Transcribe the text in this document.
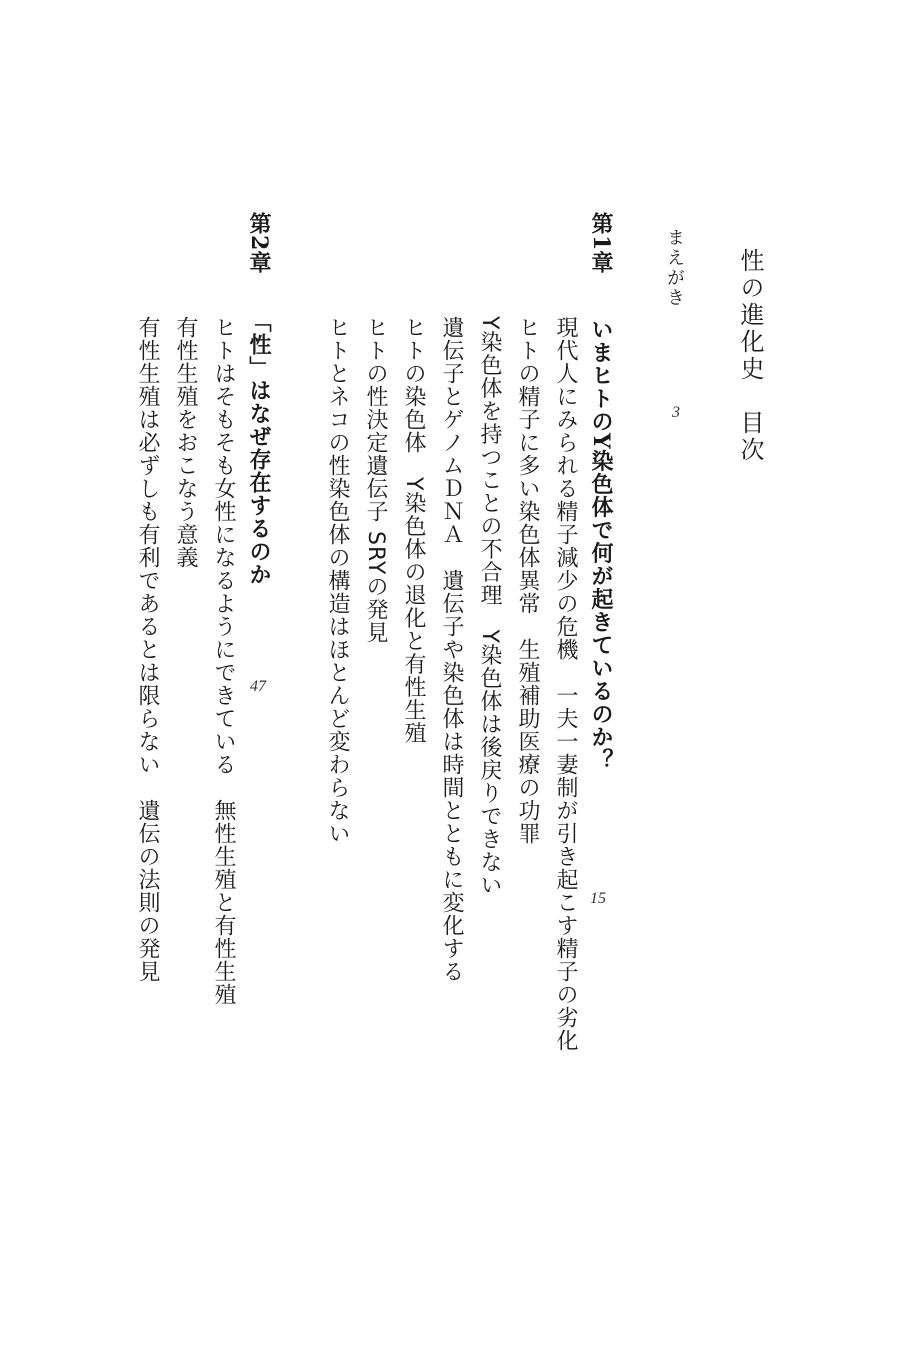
性の進化史　目次
まえがき
3
第1章
いまヒトのY染色体で何が起きているのか？
15
現代人にみられる精子減少の危機　一夫一妻制が引き起こす精子の劣化
ヒトの精子に多い染色体異常　生殖補助医療の功罪
Y染色体を持つことの不合理　Y染色体は後戻りできない
遺伝子とゲノムＤＮＡ　遺伝子や染色体は時間とともに変化する
ヒトの染色体　Y染色体の退化と有性生殖
ヒトの性決定遺伝子 SRYの発見
ヒトとネコの性染色体の構造はほとんど変わらない
第2章
「性」はなぜ存在するのか
47
ヒトはそもそも女性になるようにできている　無性生殖と有性生殖
有性生殖をおこなう意義
有性生殖は必ずしも有利であるとは限らない　遺伝の法則の発見
